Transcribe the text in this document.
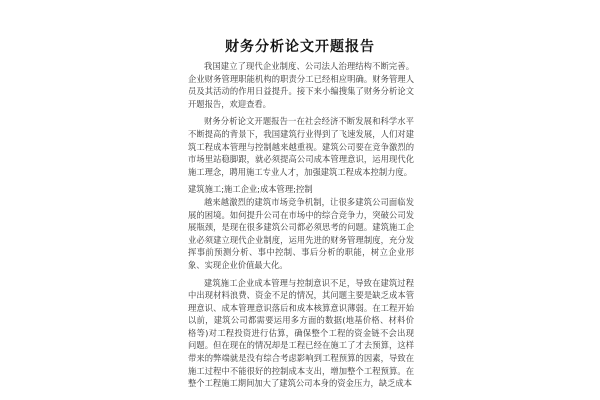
财务分析论文开题报告

我国建立了现代企业制度、公司法人治理结构不断完善。企业财务管理职能机构的职责分工已经相应明确。财务管理人员及其活动的作用日益提升。接下来小编搜集了财务分析论文开题报告，欢迎查看。

财务分析论文开题报告一在社会经济不断发展和科学水平不断提高的背景下，我国建筑行业得到了飞速发展，人们对建筑工程成本管理与控制越来越重视。建筑公司要在竞争激烈的市场里站稳脚跟，就必须提高公司成本管理意识，运用现代化施工理念，聘用施工专业人才，加强建筑工程成本控制力度。

建筑施工;施工企业;成本管理;控制

越来越激烈的建筑市场竞争机制，让很多建筑公司面临发展的困境。如何提升公司在市场中的综合竞争力，突破公司发展瓶颈，是现在很多建筑公司都必须思考的问题。建筑施工企业必须建立现代企业制度，运用先进的财务管理制度，充分发挥事前预测分析、事中控制、事后分析的职能，树立企业形象、实现企业价值最大化。

建筑施工企业成本管理与控制意识不足，导致在建筑过程中出现材料浪费、资金不足的情况，其问题主要是缺乏成本管理意识、成本管理意识落后和成本核算意识薄弱。在工程开始以前，建筑公司都需要运用多方面的数据(地基价格、材料价格等)对工程投资进行估算，确保整个工程的资金链不会出现问题。但在现在的情况却是工程已经在施工了才去预算，这样带来的弊端就是没有综合考虑影响到工程预算的因素，导致在施工过程中不能很好的控制成本支出，增加整个工程预算。在整个工程施工期间加大了建筑公司本身的资金压力，缺乏成本
